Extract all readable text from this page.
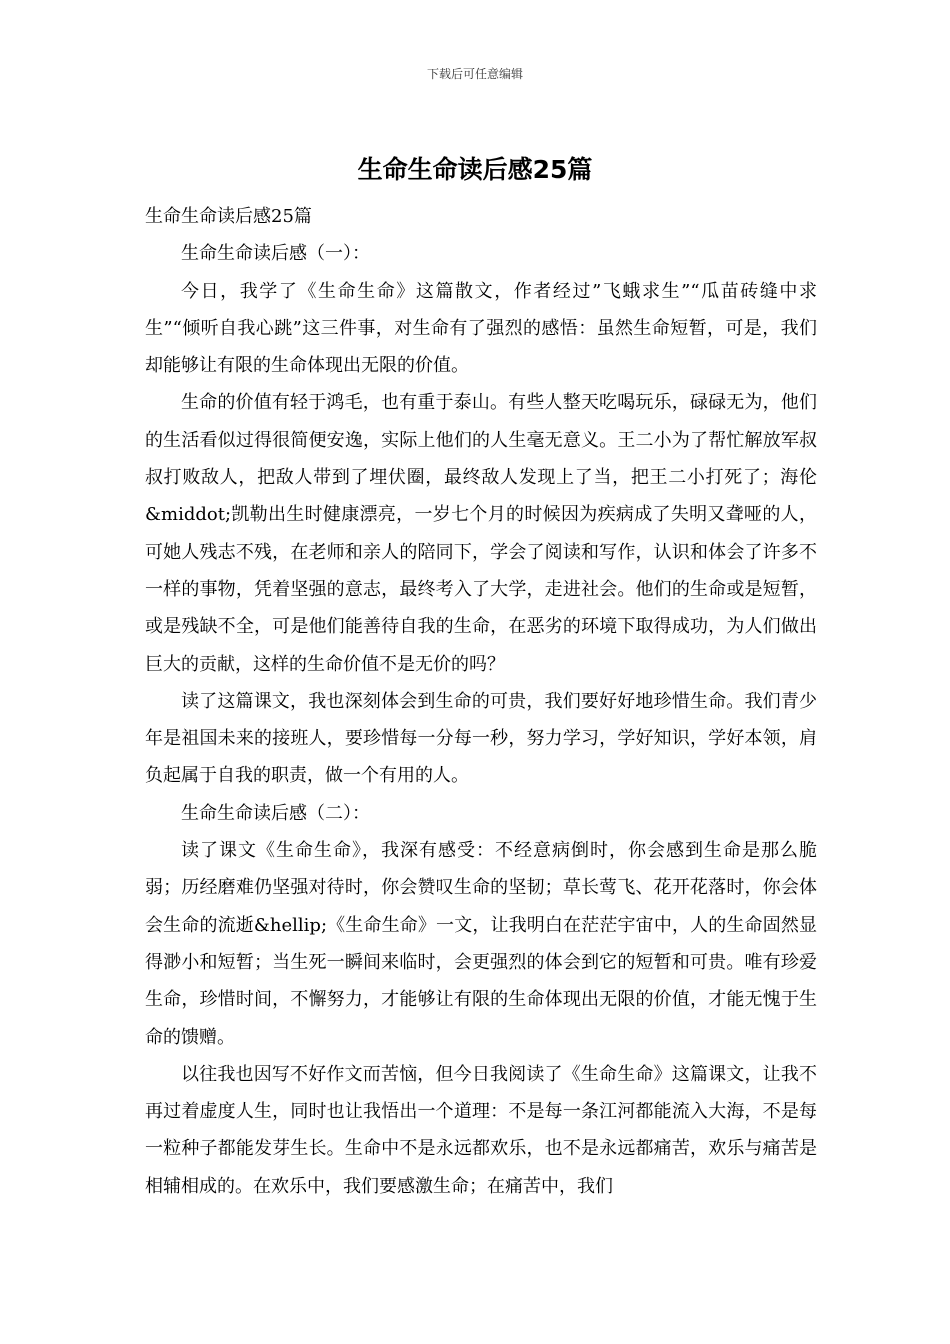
下载后可任意编辑
生命生命读后感25篇

生命生命读后感25篇

生命生命读后感（一）：

今日，我学了《生命生命》这篇散文，作者经过”飞蛾求生”“瓜苗砖缝中求生”“倾听自我心跳”这三件事，对生命有了强烈的感悟：虽然生命短暂，可是，我们却能够让有限的生命体现出无限的价值。

生命的价值有轻于鸿毛，也有重于泰山。有些人整天吃喝玩乐，碌碌无为，他们的生活看似过得很简便安逸，实际上他们的人生毫无意义。王二小为了帮忙解放军叔叔打败敌人，把敌人带到了埋伏圈，最终敌人发现上了当，把王二小打死了；海伦&middot;凯勒出生时健康漂亮，一岁七个月的时候因为疾病成了失明又聋哑的人，可她人残志不残，在老师和亲人的陪同下，学会了阅读和写作，认识和体会了许多不一样的事物，凭着坚强的意志，最终考入了大学，走进社会。他们的生命或是短暂，或是残缺不全，可是他们能善待自我的生命，在恶劣的环境下取得成功，为人们做出巨大的贡献，这样的生命价值不是无价的吗？

读了这篇课文，我也深刻体会到生命的可贵，我们要好好地珍惜生命。我们青少年是祖国未来的接班人，要珍惜每一分每一秒，努力学习，学好知识，学好本领，肩负起属于自我的职责，做一个有用的人。

生命生命读后感（二）：

读了课文《生命生命》，我深有感受：不经意病倒时，你会感到生命是那么脆弱；历经磨难仍坚强对待时，你会赞叹生命的坚韧；草长莺飞、花开花落时，你会体会生命的流逝&hellip;《生命生命》一文，让我明白在茫茫宇宙中，人的生命固然显得渺小和短暂；当生死一瞬间来临时，会更强烈的体会到它的短暂和可贵。唯有珍爱生命，珍惜时间，不懈努力，才能够让有限的生命体现出无限的价值，才能无愧于生命的馈赠。

以往我也因写不好作文而苦恼，但今日我阅读了《生命生命》这篇课文，让我不再过着虚度人生，同时也让我悟出一个道理：不是每一条江河都能流入大海，不是每一粒种子都能发芽生长。生命中不是永远都欢乐，也不是永远都痛苦，欢乐与痛苦是相辅相成的。在欢乐中，我们要感激生命；在痛苦中，我们
